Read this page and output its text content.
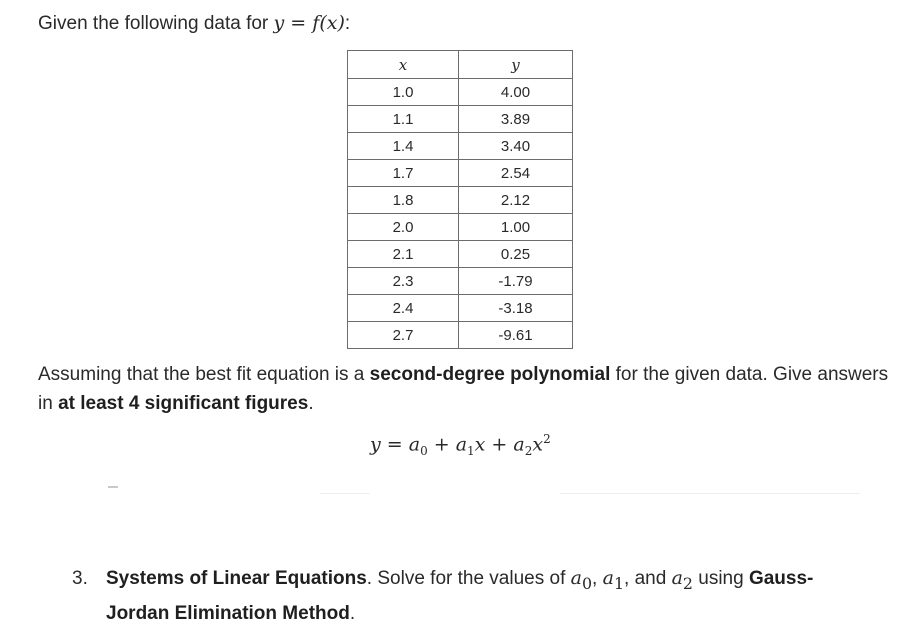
Given the following data for y = f(x):
x	y
1.0	4.00
1.1	3.89
1.4	3.40
1.7	2.54
1.8	2.12
2.0	1.00
2.1	0.25
2.3	-1.79
2.4	-3.18
2.7	-9.61
Assuming that the best fit equation is a second-degree polynomial for the given data. Give answers in at least 4 significant figures.
$y = a_0 + a_1x + a_2x^2$
3. Systems of Linear Equations. Solve for the values of $a_0$, $a_1$, and $a_2$ using Gauss-
Jordan Elimination Method.
